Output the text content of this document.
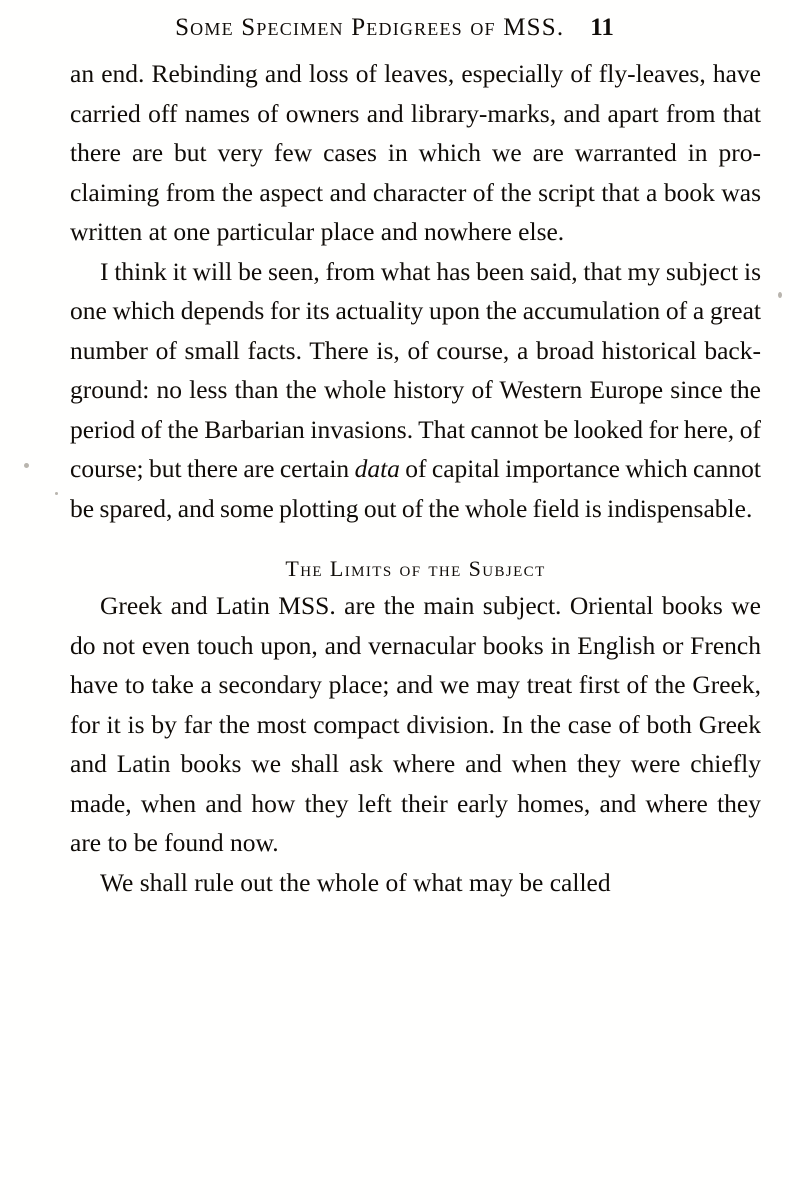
Some Specimen Pedigrees of MSS. 11

an end. Rebinding and loss of leaves, especially of fly-leaves, have carried off names of owners and library-marks, and apart from that there are but very few cases in which we are warranted in pro-claiming from the aspect and character of the script that a book was written at one particular place and nowhere else.

I think it will be seen, from what has been said, that my subject is one which depends for its actuality upon the accumulation of a great number of small facts. There is, of course, a broad historical back-ground: no less than the whole history of Western Europe since the period of the Barbarian invasions. That cannot be looked for here, of course; but there are certain data of capital importance which cannot be spared, and some plotting out of the whole field is indispensable.

The Limits of the Subject

Greek and Latin MSS. are the main subject. Oriental books we do not even touch upon, and vernacular books in English or French have to take a secondary place; and we may treat first of the Greek, for it is by far the most compact division. In the case of both Greek and Latin books we shall ask where and when they were chiefly made, when and how they left their early homes, and where they are to be found now.

We shall rule out the whole of what may be called
